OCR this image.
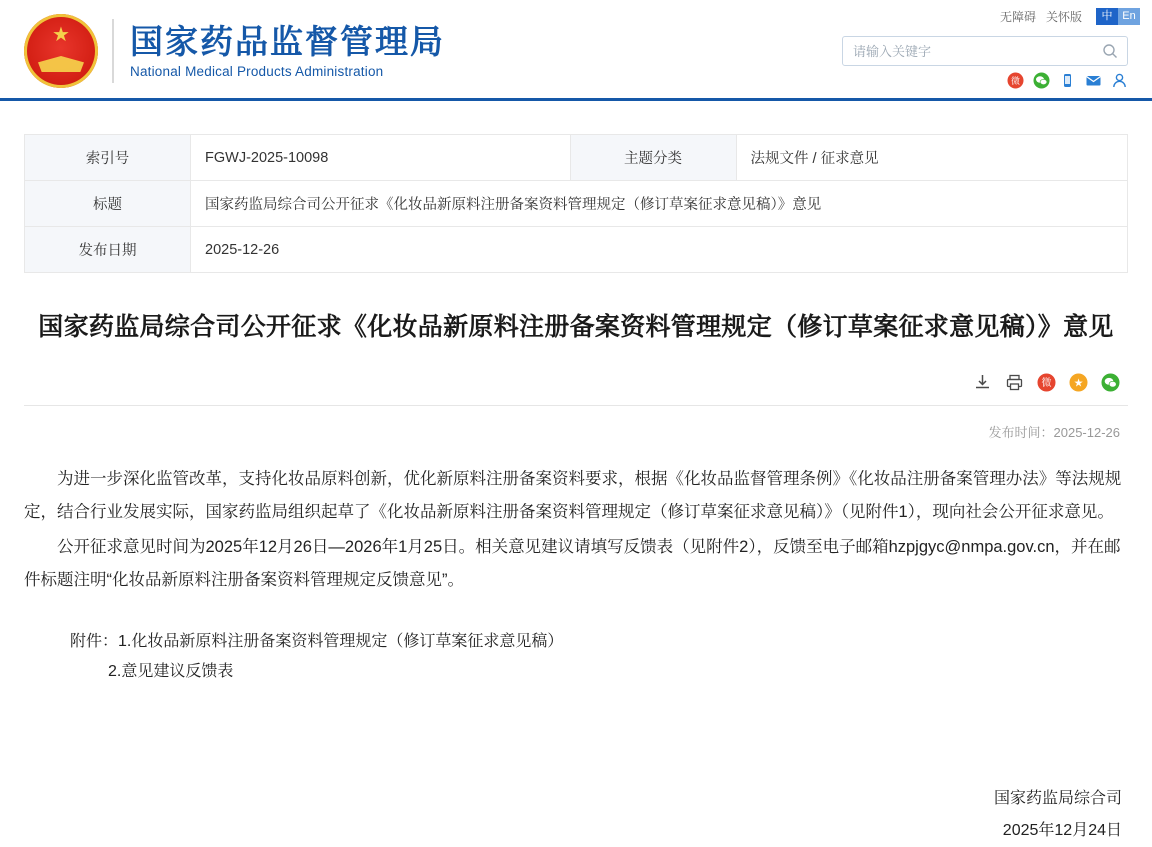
无障碍 关怀版	中 En
★
国家药品监督管理局
National Medical Products Administration
请输入关键字
微
索引号	FGWJ-2025-10098	主题分类	法规文件 / 征求意见
标题	国家药监局综合司公开征求《化妆品新原料注册备案资料管理规定（修订草案征求意见稿）》意见		
发布日期	2025-12-26		
国家药监局综合司公开征求《化妆品新原料注册备案资料管理规定（修订草案征求意见稿）》意见
微 ★
发布时间：2025-12-26

为进一步深化监管改革，支持化妆品原料创新，优化新原料注册备案资料要求，根据《化妆品监督管理条例》《化妆品注册备案管理办法》等法规规定，结合行业发展实际，国家药监局组织起草了《化妆品新原料注册备案资料管理规定（修订草案征求意见稿）》（见附件1），现向社会公开征求意见。

公开征求意见时间为2025年12月26日—2026年1月25日。相关意见建议请填写反馈表（见附件2），反馈至电子邮箱hzpjgyc@nmpa.gov.cn，并在邮件标题注明“化妆品新原料注册备案资料管理规定反馈意见”。

附件：1.化妆品新原料注册备案资料管理规定（修订草案征求意见稿）
2.意见建议反馈表
国家药监局综合司
2025年12月24日
